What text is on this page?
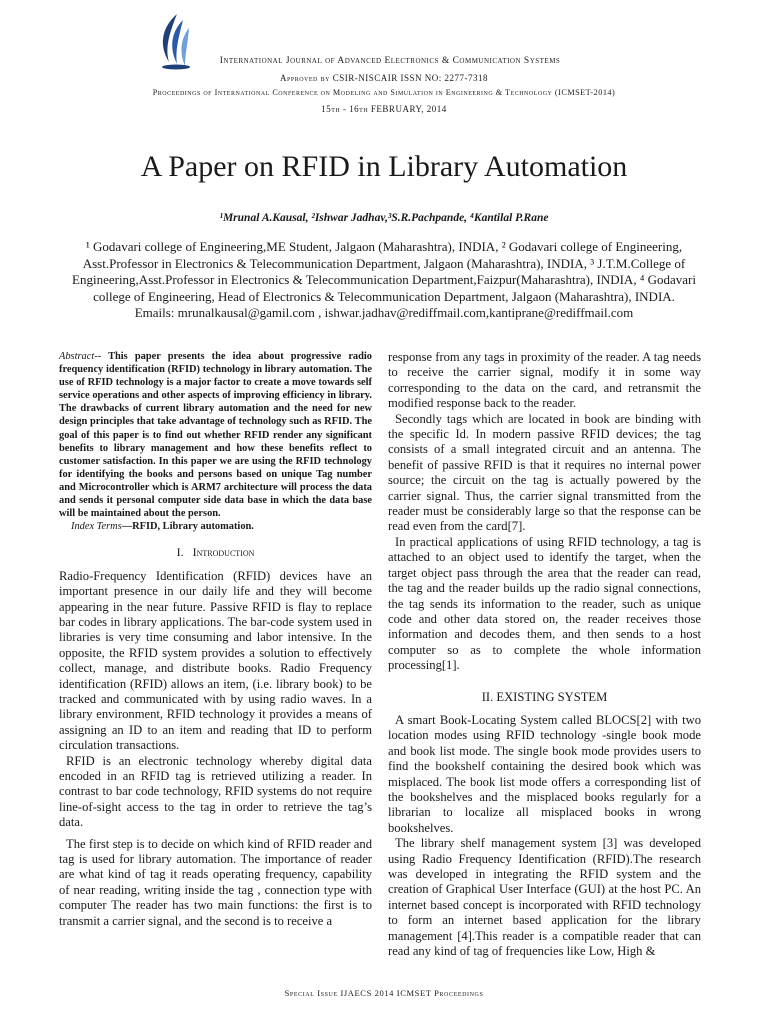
International Journal of Advanced Electronics & Communication Systems
Approved by CSIR-NISCAIR ISSN NO: 2277-7318
Proceedings of International Conference on Modeling and Simulation in Engineering & Technology (ICMSET-2014)
15th - 16th FEBRUARY, 2014
A Paper on RFID in Library Automation
¹Mrunal A.Kausal, ²Ishwar Jadhav,³S.R.Pachpande, ⁴Kantilal P.Rane
¹ Godavari college of Engineering,ME Student, Jalgaon (Maharashtra), INDIA, ² Godavari college of Engineering, Asst.Professor in Electronics & Telecommunication Department, Jalgaon (Maharashtra), INDIA, ³ J.T.M.College of Engineering,Asst.Professor in Electronics & Telecommunication Department,Faizpur(Maharashtra), INDIA, ⁴ Godavari college of Engineering, Head of Electronics & Telecommunication Department, Jalgaon (Maharashtra), INDIA.
Emails: mrunalkausal@gamil.com , ishwar.jadhav@rediffmail.com,kantiprane@rediffmail.com

Abstract-- This paper presents the idea about progressive radio frequency identification (RFID) technology in library automation. The use of RFID technology is a major factor to create a move towards self service operations and other aspects of improving efficiency in library. The drawbacks of current library automation and the need for new design principles that take advantage of technology such as RFID. The goal of this paper is to find out whether RFID render any significant benefits to library management and how these benefits reflect to customer satisfaction. In this paper we are using the RFID technology for identifying the books and persons based on unique Tag number and Microcontroller which is ARM7 architecture will process the data and sends it personal computer side data base in which the data base will be maintained about the person.

Index Terms—RFID, Library automation.

I. Introduction

Radio-Frequency Identification (RFID) devices have an important presence in our daily life and they will become appearing in the near future. Passive RFID is flay to replace bar codes in library applications. The bar-code system used in libraries is very time consuming and labor intensive. In the opposite, the RFID system provides a solution to effectively collect, manage, and distribute books. Radio Frequency identification (RFID) allows an item, (i.e. library book) to be tracked and communicated with by using radio waves. In a library environment, RFID technology it provides a means of assigning an ID to an item and reading that ID to perform circulation transactions.

RFID is an electronic technology whereby digital data encoded in an RFID tag is retrieved utilizing a reader. In contrast to bar code technology, RFID systems do not require line-of-sight access to the tag in order to retrieve the tag’s data.

The first step is to decide on which kind of RFID reader and tag is used for library automation. The importance of reader are what kind of tag it reads operating frequency, capability of near reading, writing inside the tag , connection type with computer The reader has two main functions: the first is to transmit a carrier signal, and the second is to receive a

response from any tags in proximity of the reader. A tag needs to receive the carrier signal, modify it in some way corresponding to the data on the card, and retransmit the modified response back to the reader.

Secondly tags which are located in book are binding with the specific Id. In modern passive RFID devices; the tag consists of a small integrated circuit and an antenna. The benefit of passive RFID is that it requires no internal power source; the circuit on the tag is actually powered by the carrier signal. Thus, the carrier signal transmitted from the reader must be considerably large so that the response can be read even from the card[7].

In practical applications of using RFID technology, a tag is attached to an object used to identify the target, when the target object pass through the area that the reader can read, the tag and the reader builds up the radio signal connections, the tag sends its information to the reader, such as unique code and other data stored on, the reader receives those information and decodes them, and then sends to a host computer so as to complete the whole information processing[1].

II. EXISTING SYSTEM

A smart Book-Locating System called BLOCS[2] with two location modes using RFID technology -single book mode and book list mode. The single book mode provides users to find the bookshelf containing the desired book which was misplaced. The book list mode offers a corresponding list of the bookshelves and the misplaced books regularly for a librarian to localize all misplaced books in wrong bookshelves.

The library shelf management system [3] was developed using Radio Frequency Identification (RFID).The research was developed in integrating the RFID system and the creation of Graphical User Interface (GUI) at the host PC. An internet based concept is incorporated with RFID technology to form an internet based application for the library management [4].This reader is a compatible reader that can read any kind of tag of frequencies like Low, High &

Special Issue IJAECS 2014 ICMSET Proceedings
